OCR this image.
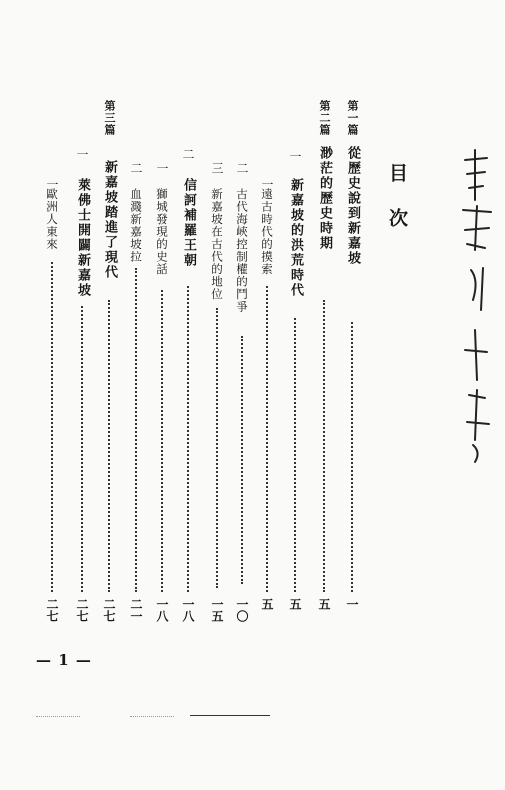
目次
第一篇
從歷史說到新嘉坡
一
第二篇
渺茫的歷史時期
五
一
新嘉坡的洪荒時代
五
一
遠古時代的摸索
五
二
古代海峽控制權的鬥爭
一〇
三
新嘉坡在古代的地位
一五
二
信訶補羅王朝
一八
一
獅城發現的史話
一八
二
血濺新嘉坡拉
二一
第三篇
新嘉坡踏進了現代
二七
一
萊佛士開闢新嘉坡
二七
一
歐洲人東來
二七
— 1 —
